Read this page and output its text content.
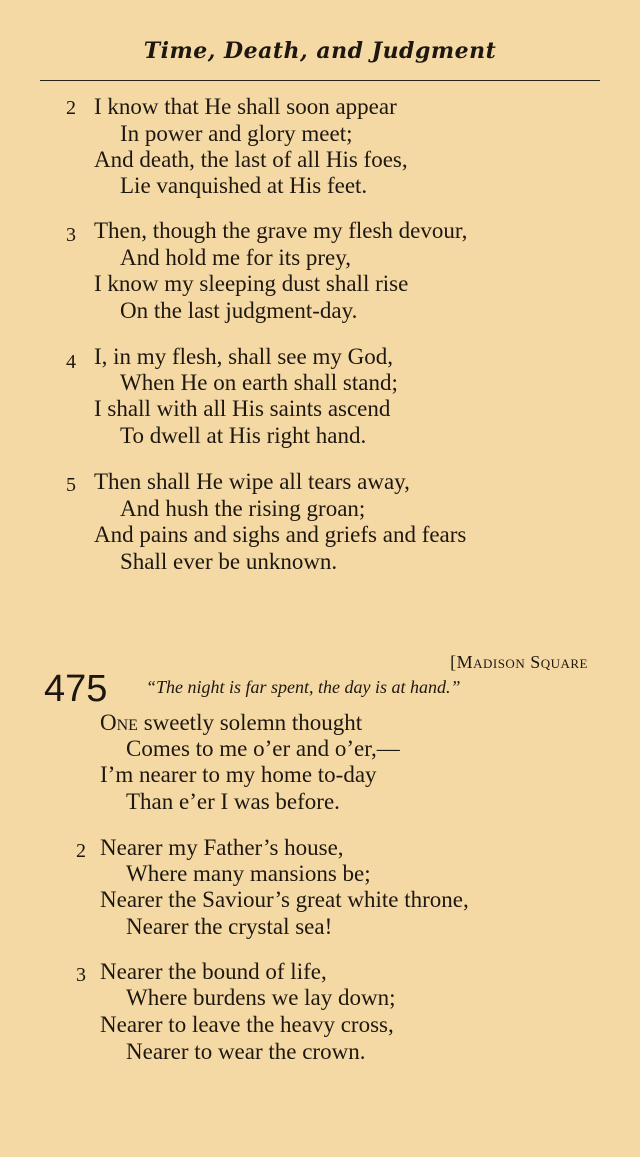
Time, Death, and Judgment
2 I know that He shall soon appear
In power and glory meet;
And death, the last of all His foes,
Lie vanquished at His feet.
3 Then, though the grave my flesh devour,
And hold me for its prey,
I know my sleeping dust shall rise
On the last judgment-day.
4 I, in my flesh, shall see my God,
When He on earth shall stand;
I shall with all His saints ascend
To dwell at His right hand.
5 Then shall He wipe all tears away,
And hush the rising groan;
And pains and sighs and griefs and fears
Shall ever be unknown.
[Madison Square
475 “The night is far spent, the day is at hand.”
One sweetly solemn thought
Comes to me o’er and o’er,—
I’m nearer to my home to-day
Than e’er I was before.
2 Nearer my Father’s house,
Where many mansions be;
Nearer the Saviour’s great white throne,
Nearer the crystal sea!
3 Nearer the bound of life,
Where burdens we lay down;
Nearer to leave the heavy cross,
Nearer to wear the crown.
